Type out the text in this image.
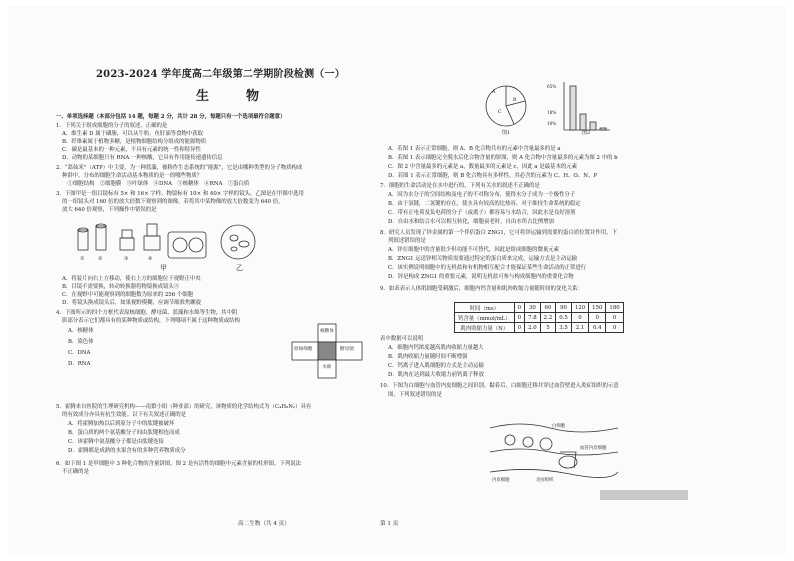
2023-2024 学年度高二年级第二学期阶段检测（一）
生　物
一、单项选择题（本部分包括 14 题，每题 2 分，共计 28 分，每题只有一个选项最符合题意）
1．下列关于组成细胞的分子的叙述，正确的是
A．维生素 D 属于磷脂，可以从牛奶、鱼肝油等食物中获取
B．纤维素属于植物多糖，是植物细胞结构分组成的能源物质
C．碳是最基本的一种元素，不具有元素的统一性和特异性
D．动物的某细胞只有 RNA 一种核酸，它具有作用能传递遗传信息
2．“葛仙米”（ATP）中主要，为一种蓝藻，被称作生态系统的“能源”，它是由哪种类型的分子物质构成
种群中，分布的细胞生命活动基本物质的是一的哪些物质？
　①细胞结构　②细胞膜　③叶绿体　④DNA　⑤核糖体　⑥RNA　⑦蛋白质
3．下图甲是一组目镜标有 5× 和 16× 字样、物镜标有 10× 和 40× 字样的镜头，乙图是在甲图中选用
的一组镜头对 160 倍的放大倍数下观察到的图像。若将其中某物像的放大倍数变为 640 倍，
放大 640 倍观察，下列操作中错误的是
①	②	③	④
甲	乙
A．将装片向右上方移动，使右上方的细胞位于视野正中央
B．目镜不需要换，转动转换器将物镜换成镜头③
C．在视野中可能观察到的细胞数为原来的 256 个细胞
D．将镜头换成镜头后，如果视野模糊，应调节细准焦螺旋
4．下图所示的四个方框代表原核细胞、酵母菌、蓝藻和水绵等生物，其中阴
影部分表示它们都具有的某种物质或结构，下列哪项不属于这种物质或结构
A．核糖体
B．染色体
C．DNA
D．RNA
核糖体
原核细胞	酵母菌
水绵
5．霍腾来自医院的生理研究机构——南繁小组（种业部）的研究，该物质的化学结构式为（C₄H₈N₂）具有
的有效成分亦具有抗生效能。以下有关叙述正确的是
A．将霍腾加热以后到原分子中的肽键被破坏
B．蛋白质的两个氨基酸分子间由肽键相连而成
C．该霍腾中氨基酸分子都是由肽键连接
D．霍腾都是成熟的水果含有的多种营养物质成分
6．如下图 1 是甲细胞中 3 种化合物的含量饼图，图 2 是有活性的细胞中元素含量的柱形图，下列说法
不正确的是
高二生物（共 4 页）
A
B
C
65%
18%
10%
图1	图2
A．若图 1 表示正常细胞，则 A、B 化合物共有的元素中含量最多的是 a
B．若图 1 表示细胞完全脱水后化合物含量的饼图，则 A 化合物中含量最多的元素为图 2 中的 b
C．图 2 中含量最多的元素是 a，数量最多的元素是 c，因此 a 是最基本的元素
D．若图 1 表示正常细胞，则 B 化合物具有多样性，其必含的元素为 C、H、O、N、P
7．细胞的生命活动是在水中进行的，下列有关水的叙述不正确的是
A．因为水分子的空间结构及电子的不对称分布，使得水分子成为一个极性分子
B．由于氢键，二氢键的存在，使水具有较高的比热容，对于维持生命系统的稳定
C．带有正电荷及负电荷的分子（或离子）都容易与水结合，因此水是良好溶剂
D．自由水和结合水可以相互转化，细胞衰老时，自由水所占比例增加
8．研究人员发现了锌金属的第一个伴侣蛋白 ZNG1，它可将锌运输到需要的蛋白质位置并作用，下
列叙述错误的是
A．锌在细胞中的含量很少但功能不可替代，因此是组成细胞的微量元素
B．ZNG1 运送锌相关物质需要通过特定的蛋白质来完成，运输方式是主动运输
C．该实例说明细胞中的无机盐和有机物相互配合才能保证某些生命活动的正常进行
D．锌是构成 ZNG1 的重要元素，说明无机盐可参与构成细胞内的重要化合物
9．如表表示人体肌细胞受刺激后，细胞内钙含量和肌肉收缩力量随时间的变化关系：
时间（ms）	0	30	60	90	120	150	180
钙含量（mmol/mL）	0	7.8	2.2	0.5	0	0	0
肌肉收缩力量（N）	0	2.0	5	3.5	2.1	0.4	0
表中数据可以说明
A．细胞内钙浓度越高肌肉收缩力量越大
B．肌肉收缩力量随时间不断增强
C．钙离子进入肌细胞的方式是主动运输
D．肌肉在达到最大收缩力前钙离子释放
10．下图为白细胞与血管内皮细胞之间识别、黏着后，白细胞迁移并穿过血管壁进入炎症组织的示意
图，下列叙述错误的是
白细胞
血管内皮细胞
内皮细胞	炎症组织
第 1 页
